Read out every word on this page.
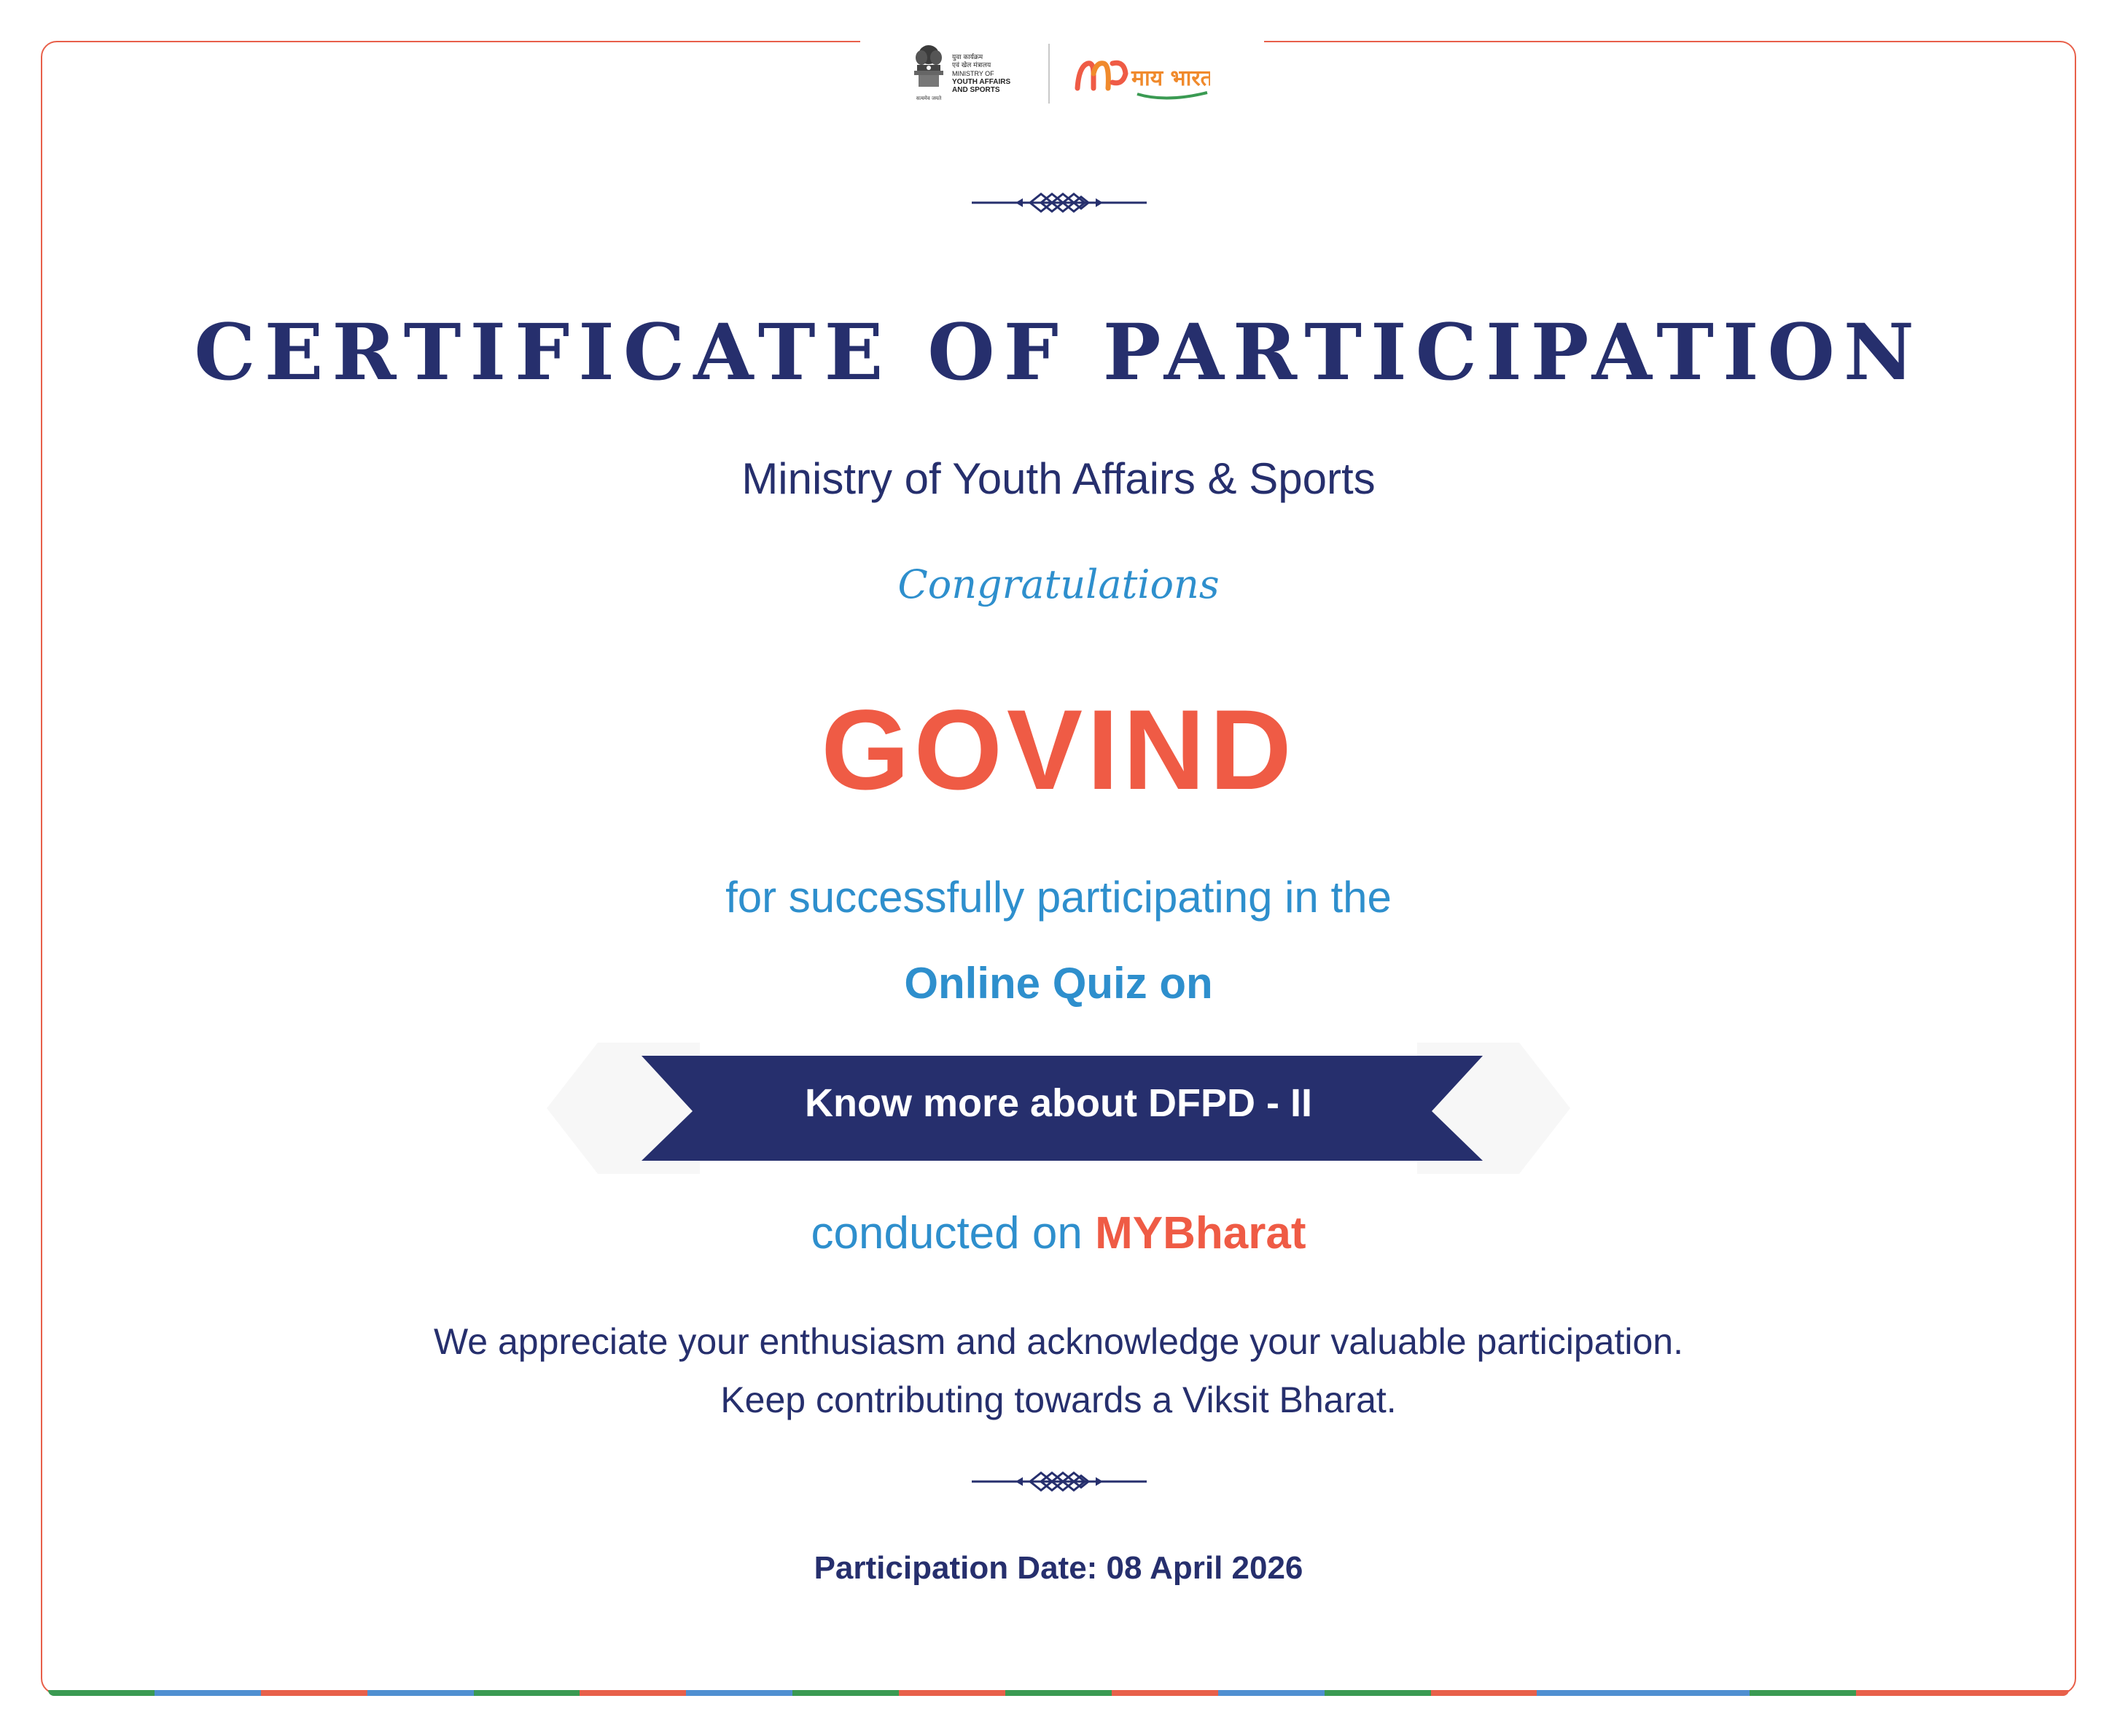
सत्यमेव जयते
युवा कार्यक्रम
एवं खेल मंत्रालय
MINISTRY OF
YOUTH AFFAIRS
AND SPORTS	माय भारत
CERTIFICATE OF PARTICIPATION
Ministry of Youth Affairs & Sports
Congratulations
GOVIND
for successfully participating in the
Online Quiz on
Know more about DFPD - II
conducted on MYBharat
We appreciate your enthusiasm and acknowledge your valuable participation.
Keep contributing towards a Viksit Bharat.
Participation Date: 08 April 2026
